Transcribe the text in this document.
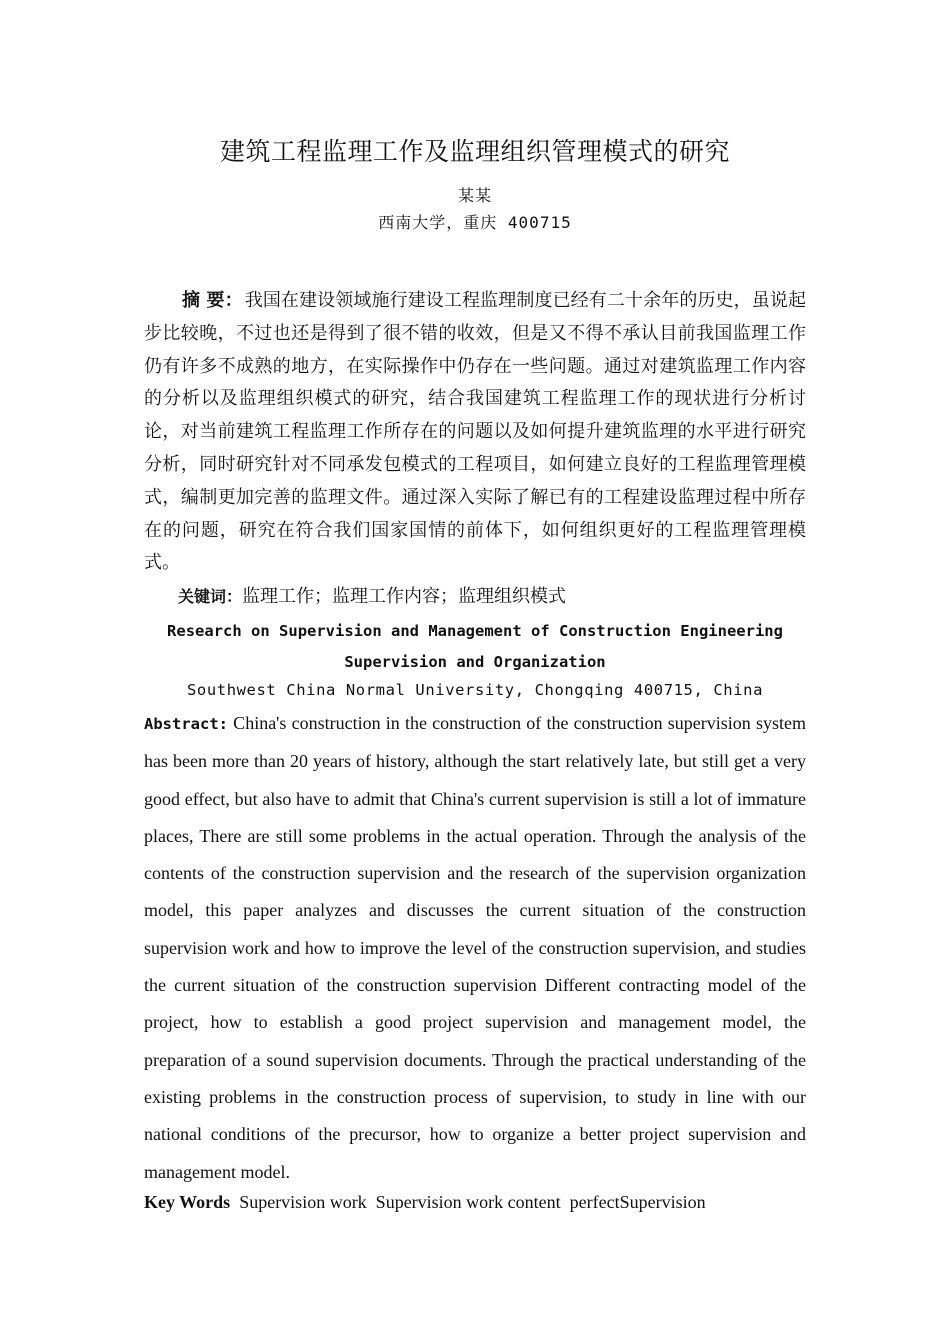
建筑工程监理工作及监理组织管理模式的研究
某某
西南大学，重庆 400715
摘 要： 我国在建设领域施行建设工程监理制度已经有二十余年的历史，虽说起步比较晚，不过也还是得到了很不错的收效，但是又不得不承认目前我国监理工作仍有许多不成熟的地方，在实际操作中仍存在一些问题。通过对建筑监理工作内容的分析以及监理组织模式的研究，结合我国建筑工程监理工作的现状进行分析讨论，对当前建筑工程监理工作所存在的问题以及如何提升建筑监理的水平进行研究分析，同时研究针对不同承发包模式的工程项目，如何建立良好的工程监理管理模式，编制更加完善的监理文件。通过深入实际了解已有的工程建设监理过程中所存在的问题，研究在符合我们国家国情的前体下，如何组织更好的工程监理管理模式。
关键词：监理工作；监理工作内容；监理组织模式
Research on Supervision and Management of Construction Engineering
Supervision and Organization
Southwest China Normal University, Chongqing 400715, China
Abstract: China's construction in the construction of the construction supervision system has been more than 20 years of history, although the start relatively late, but still get a very good effect, but also have to admit that China's current supervision is still a lot of immature places, There are still some problems in the actual operation. Through the analysis of the contents of the construction supervision and the research of the supervision organization model, this paper analyzes and discusses the current situation of the construction supervision work and how to improve the level of the construction supervision, and studies the current situation of the construction supervision Different contracting model of the project, how to establish a good project supervision and management model, the preparation of a sound supervision documents. Through the practical understanding of the existing problems in the construction process of supervision, to study in line with our national conditions of the precursor, how to organize a better project supervision and management model.
Key Words  Supervision work  Supervision work content  perfectSupervision
